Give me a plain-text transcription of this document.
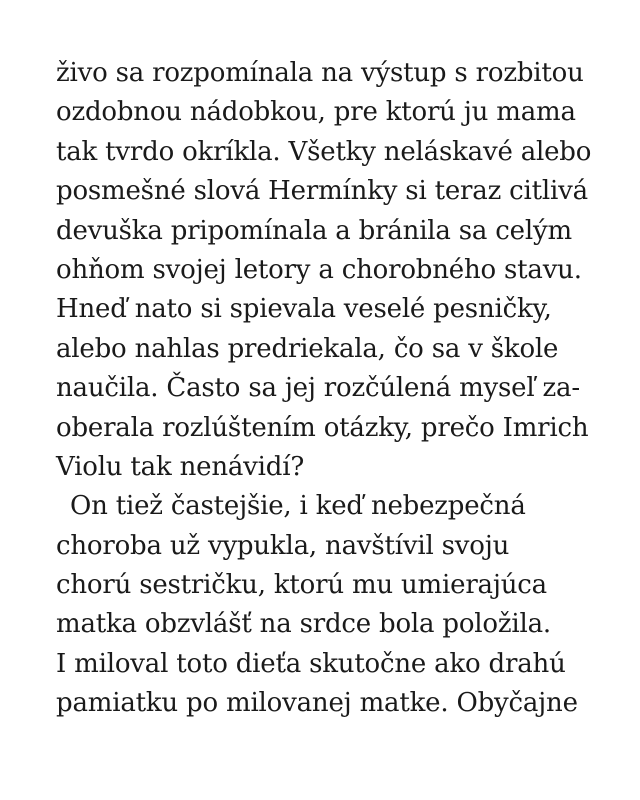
živo sa rozpomínala na výstup s rozbitou
ozdobnou nádobkou, pre ktorú ju mama
tak tvrdo okríkla. Všetky neláskavé alebo
posmešné slová Hermínky si teraz citlivá
devuška pripomínala a bránila sa celým
ohňom svojej letory a chorobného stavu.
Hneď nato si spievala veselé pesničky,
alebo nahlas predriekala, čo sa v škole
naučila. Často sa jej rozčúlená myseľ za-
oberala rozlúštením otázky, prečo Imrich
Violu tak nenávidí?
On tiež častejšie, i keď nebezpečná
choroba už vypukla, navštívil svoju
chorú sestričku, ktorú mu umierajúca
matka obzvlášť na srdce bola položila.
I miloval toto dieťa skutočne ako drahú
pamiatku po milovanej matke. Obyčajne
